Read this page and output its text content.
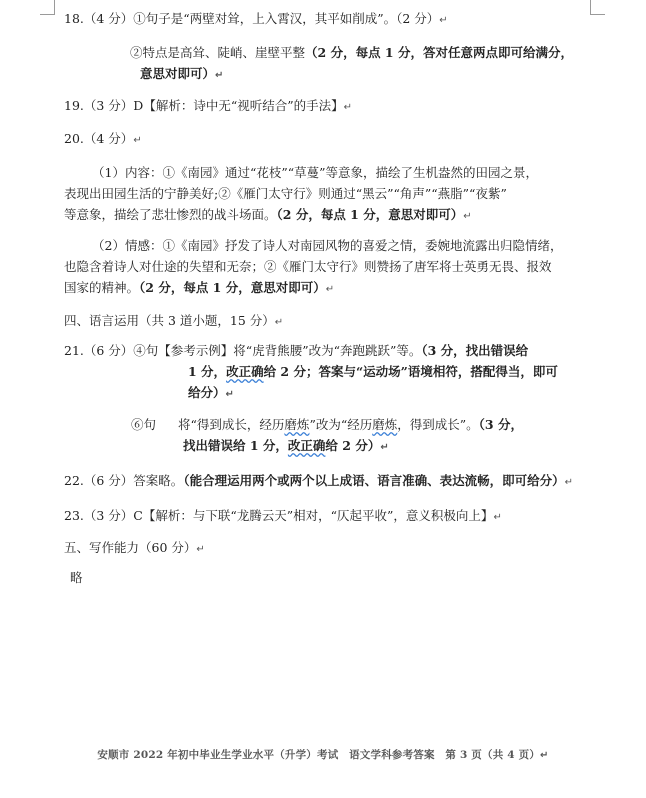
18.（4 分）①句子是“两壁对耸，上入霄汉，其平如削成”。（2 分）↵
②特点是高耸、陡峭、崖壁平整（2 分，每点 1 分，答对任意两点即可给满分，
意思对即可）↵
19.（3 分）D【解析：诗中无“视听结合”的手法】↵
20.（4 分）↵
（1）内容：①《南园》通过“花枝”“草蔓”等意象，描绘了生机盎然的田园之景，
表现出田园生活的宁静美好;②《雁门太守行》则通过“黑云”“角声”“燕脂”“夜紫”
等意象，描绘了悲壮惨烈的战斗场面。（2 分，每点 1 分，意思对即可）↵
（2）情感：①《南园》抒发了诗人对南园风物的喜爱之情，委婉地流露出归隐情绪，
也隐含着诗人对仕途的失望和无奈；②《雁门太守行》则赞扬了唐军将士英勇无畏、报效
国家的精神。（2 分，每点 1 分，意思对即可）↵
四、语言运用（共 3 道小题，15 分）↵
21.（6 分）④句【参考示例】将“虎背熊腰”改为“奔跑跳跃”等。（3 分，找出错误给
1 分，改正确给 2 分；答案与“运动场”语境相符，搭配得当，即可
给分）↵
⑥句 将“得到成长，经历磨炼”改为“经历磨炼，得到成长”。（3 分，
找出错误给 1 分，改正确给 2 分）↵
22.（6 分）答案略。（能合理运用两个或两个以上成语、语言准确、表达流畅，即可给分）↵
23.（3 分）C【解析：与下联“龙腾云天”相对，“仄起平收”，意义积极向上】↵
五、写作能力（60 分）↵
略
安顺市 2022 年初中毕业生学业水平（升学）考试　语文学科参考答案　第 3 页（共 4 页）↵
